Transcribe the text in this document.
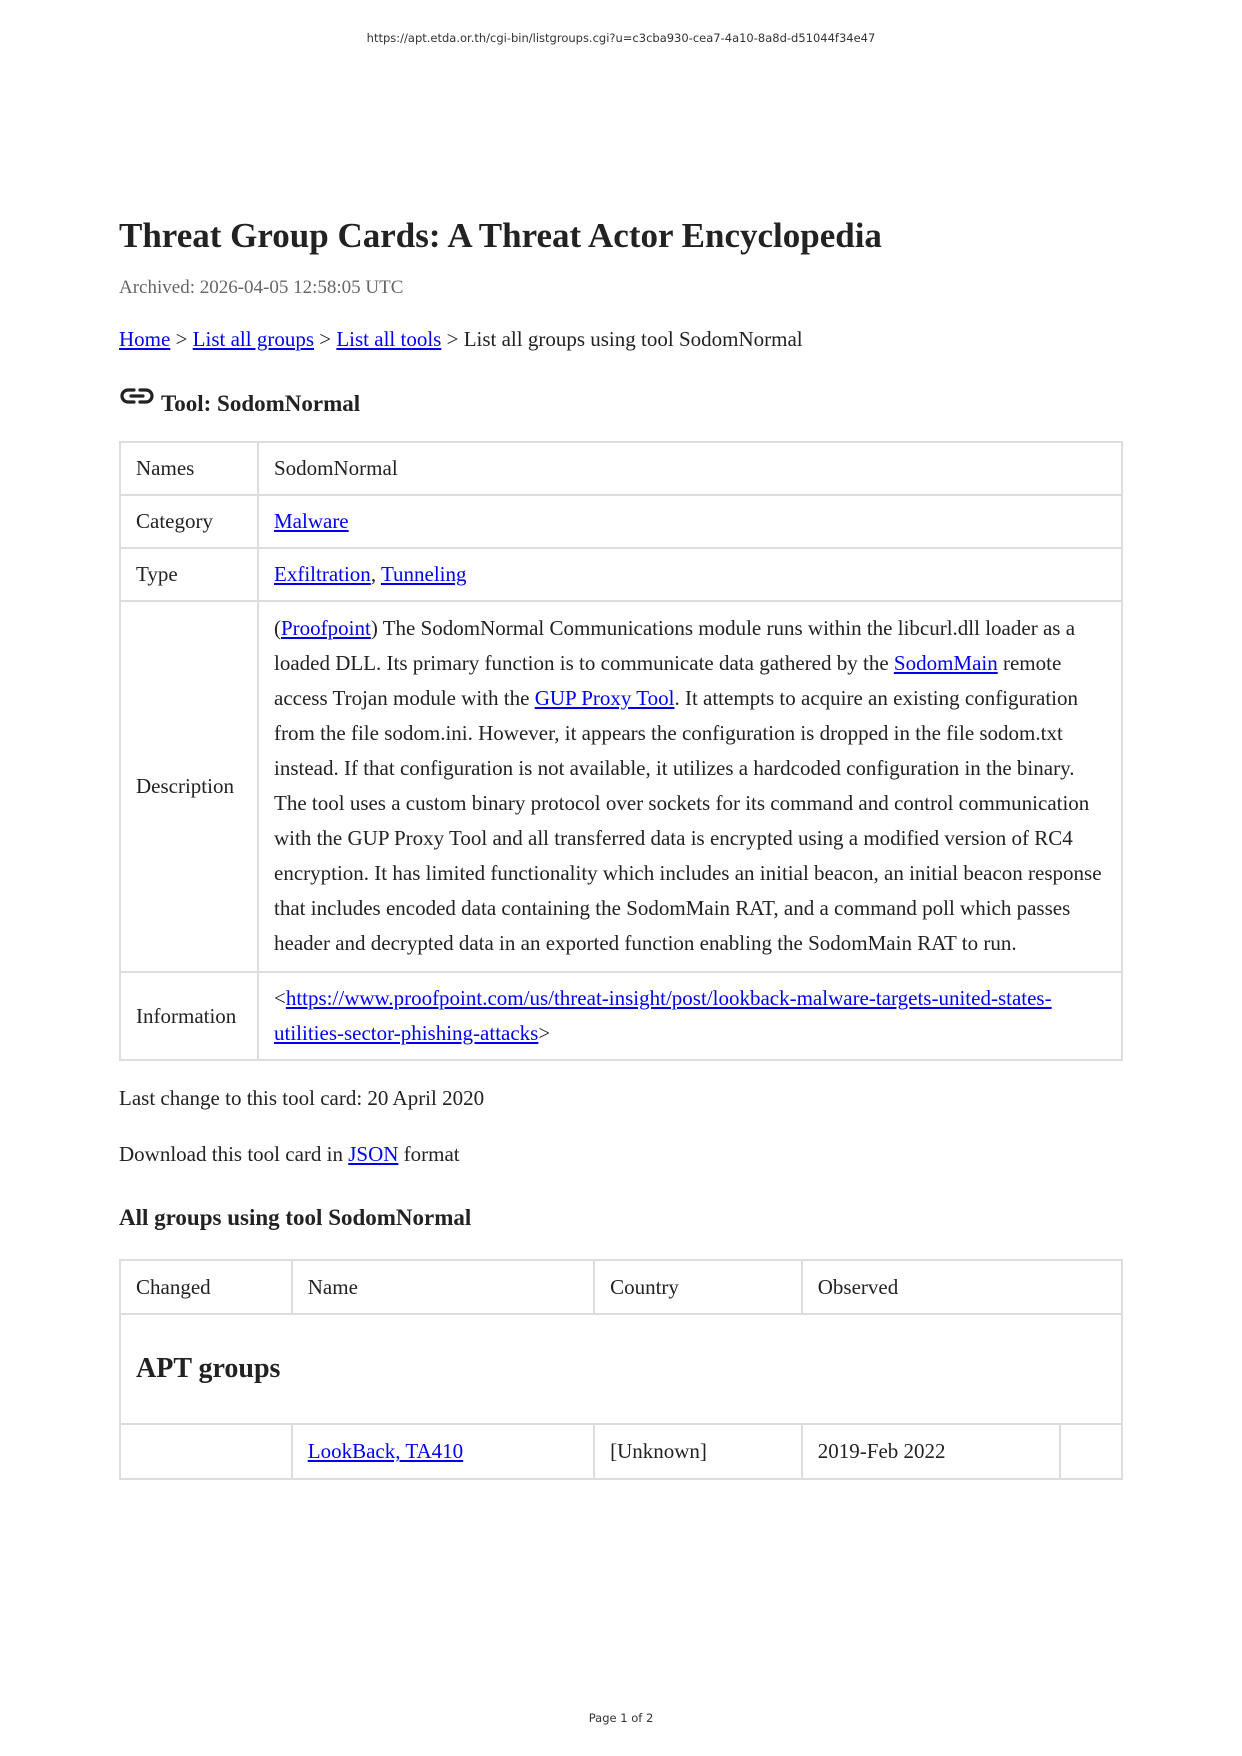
https://apt.etda.or.th/cgi-bin/listgroups.cgi?u=c3cba930-cea7-4a10-8a8d-d51044f34e47
Threat Group Cards: A Threat Actor Encyclopedia
Archived: 2026-04-05 12:58:05 UTC
Home > List all groups > List all tools > List all groups using tool SodomNormal
Tool: SodomNormal
Names	SodomNormal
Category	Malware
Type	Exfiltration, Tunneling
Description	(Proofpoint) The SodomNormal Communications module runs within the libcurl.dll loader as a loaded DLL. Its primary function is to communicate data gathered by the SodomMain remote access Trojan module with the GUP Proxy Tool. It attempts to acquire an existing configuration from the file sodom.ini. However, it appears the configuration is dropped in the file sodom.txt instead. If that configuration is not available, it utilizes a hardcoded configuration in the binary.
The tool uses a custom binary protocol over sockets for its command and control communication with the GUP Proxy Tool and all transferred data is encrypted using a modified version of RC4 encryption. It has limited functionality which includes an initial beacon, an initial beacon response that includes encoded data containing the SodomMain RAT, and a command poll which passes header and decrypted data in an exported function enabling the SodomMain RAT to run.

Information	<https://www.proofpoint.com/us/threat-insight/post/lookback-malware-targets-united-states-utilities-sector-phishing-attacks>
Last change to this tool card: 20 April 2020
Download this tool card in JSON format
All groups using tool SodomNormal
Changed	Name	Country	Observed	
APT groups				
	LookBack, TA410	[Unknown]	2019-Feb 2022	
Page 1 of 2
